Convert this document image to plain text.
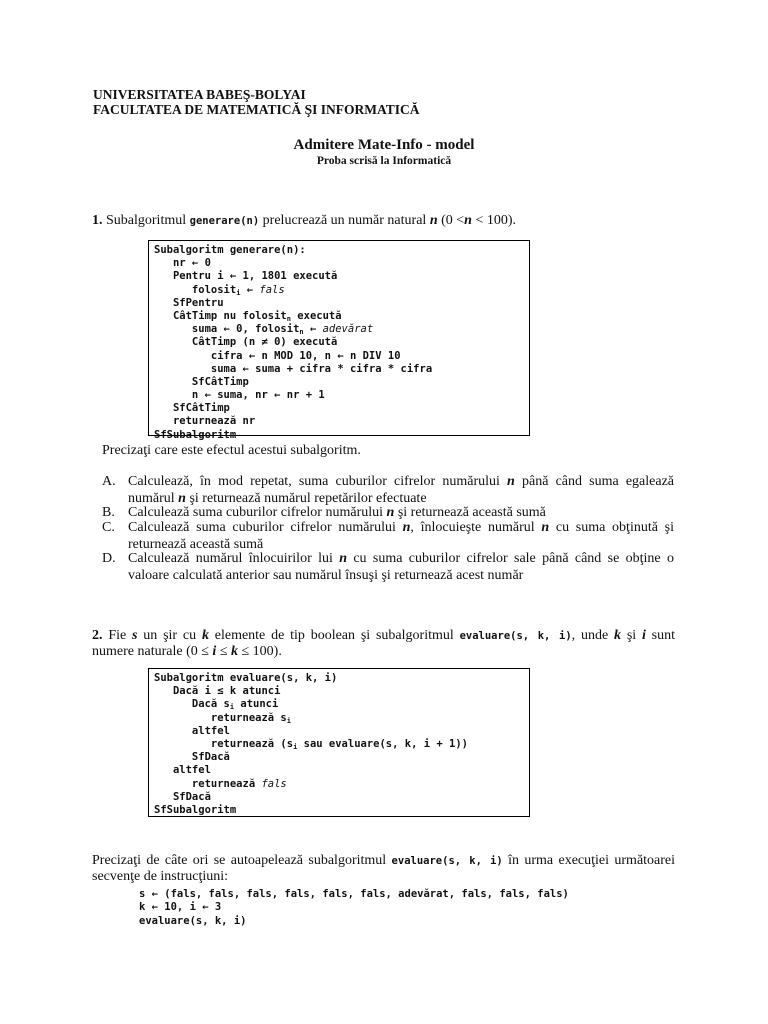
UNIVERSITATEA BABEŞ-BOLYAI
FACULTATEA DE MATEMATICĂ ŞI INFORMATICĂ
Admitere Mate-Info - model
Proba scrisă la Informatică
1. Subalgoritmul generare(n) prelucrează un număr natural n (0 <n < 100).
Subalgoritm generare(n):
nr ← 0
Pentru i ← 1, 1801 execută
folosit$_i$ ← fals
SfPentru
CâtTimp nu folosit$_n$ execută
suma ← 0, folosit$_n$ ← adevărat
CâtTimp (n ≠ 0) execută
cifra ← n MOD 10, n ← n DIV 10
suma ← suma + cifra * cifra * cifra
SfCâtTimp
n ← suma, nr ← nr + 1
SfCâtTimp
returnează nr
SfSubalgoritm
Precizaţi care este efectul acestui subalgoritm.
A. Calculează, în mod repetat, suma cuburilor cifrelor numărului n până când suma egalează numărul n şi returnează numărul repetărilor efectuate
B. Calculează suma cuburilor cifrelor numărului n şi returnează această sumă
C. Calculează suma cuburilor cifrelor numărului n, înlocuieşte numărul n cu suma obţinută şi returnează această sumă
D. Calculează numărul înlocuirilor lui n cu suma cuburilor cifrelor sale până când se obţine o valoare calculată anterior sau numărul însuşi şi returnează acest număr
2. Fie s un şir cu k elemente de tip boolean şi subalgoritmul evaluare(s, k, i), unde k şi i sunt
numere naturale (0 ≤ i ≤ k ≤ 100).
Subalgoritm evaluare(s, k, i)
Dacă i ≤ k atunci
Dacă $s_i$ atunci
returnează $s_i$
altfel
returnează ($s_i$ sau evaluare(s, k, i + 1))
SfDacă
altfel
returnează fals
SfDacă
SfSubalgoritm
Precizaţi de câte ori se autoapelează subalgoritmul evaluare(s, k, i) în urma execuţiei următoarei
secvenţe de instrucţiuni:
s ← (fals, fals, fals, fals, fals, fals, adevărat, fals, fals, fals)
k ← 10, i ← 3
evaluare(s, k, i)
